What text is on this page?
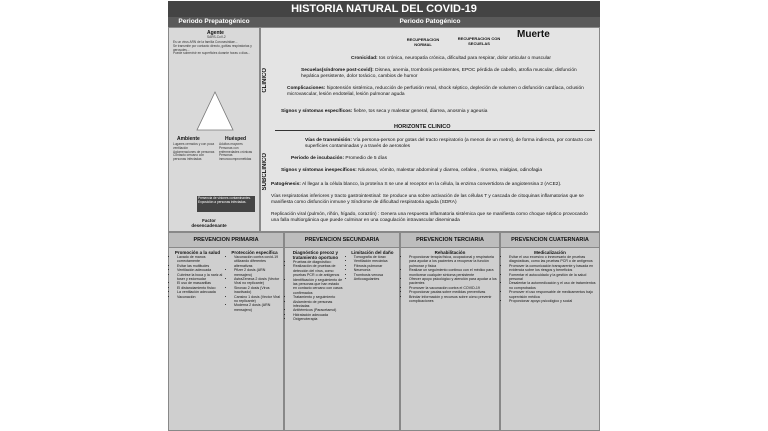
HISTORIA NATURAL DEL COVID-19
Periodo Prepatogénico	Periodo Patogénico
Agente
SARS-CoV-2
Es un virus ARN de la familia Coronaviridae...
Se transmite por contacto directo, gotitas respiratorias y aerosoles...
Puede sobrevivir en superficies durante horas o días...
Ambiente	Huésped
Lugares cerrados y con poca ventilación
Aglomeraciones de personas
Contacto cercano con personas infectadas
Adultos mayores
Personas con enfermedades crónicas
Personas inmunocomprometidas
Presencia de viriones contaminantes. Exposición a personas infectadas.
Factor desencadenante
RECUPERACION NORMAL
RECUPERACION CON SECUELAS
Muerte
CLINICO
SUBCLINICO
Cronicidad: tos crónica, neuropatía crónica, dificultad para respirar, dolor articular o muscular
Secuelas(síndrome post-covid): Disnea, anemia, trombosis persistentes, EPOC pérdida de cabello, atrofia muscular, disfunción hepática persistente, dolor torácico, cambios de humor
Complicaciones: hipotensión sistémica, reducción de perfusión renal, shock séptico, depleción de volumen o disfunción cardíaca, oclusión microvascular, lesión endotelial, lesión pulmonar aguda
Signos y síntomas específicos: fiebre, tos seca y malestar general, diarrea, anosmia y ageusia
HORIZONTE CLINICO
Vías de transmisión: Vía persona-person por gotas del tracto respiratorio (a menos de un metro), de forma indirecta, por contacto con superficies contaminadas y a través de aerosoles
Periodo de incubación: Promedio de 5 días
Signos y síntomas inespecíficos: Náuseas, vómito, malestar abdominal y diarrea, cefalea , rinorrea, mialgias, odinofagia
Patogénesis: Al llegar a la célula blanco, la proteína S se une al receptor en la célula, la enzima convertidora de angiotensina 2 (ACE2).
Vías respiratorias inferiores y tracto gastrointestinal: Se produce una sobre activación de las células T y cascada de citoquinas inflamatorias que se manifiesta como disfunción inmune y Síndrome de dificultad respiratoria aguda (SDRA)
Replicación viral (pulmón, riñón, hígado, corazón) : Genera una respuesta inflamatoria sistémica que se manifiesta como choque séptico provocando una falla multiorgánica que puede culminar en una coagulación intravascular diseminada
PREVENCION PRIMARIA
Promoción a la salud
• Lavado de manos correctamente
• Evitar las multitudes
• Ventilación adecuada
• Cubrirse la boca y la nariz al toser y estornudar
• El uso de mascarillas
• El distanciamiento físico
• La ventilación adecuada
• Vacunación
Protección específica
• Vacunación contra covid-19 utilizando diferentes alternativas
• Pfizer 2 dosis (ARN mensajero)
• AstraZeneca 2 dosis (Vector Viral no replicante)
• Sinovac 2 dosis (Virus inactivado)
• Cansino 1 dosis (Vector Viral no replicante)
• Moderna 2 dosis (ARN mensajero)
PREVENCION SECUNDARIA
Diagnóstico precoz y tratamiento oportuno
• Pruebas de diagnóstico:
• Realización de pruebas de detección del virus, como pruebas PCR o de antígenos
• Identificación y seguimiento de las personas que han estado en contacto cercano con casos confirmados
• Tratamiento y seguimiento
• Aislamiento de personas infectadas
• Antitérmicos (Paracetamol)
• Hidratación adecuada
• Oxigenoterapia
Limitación del daño
• Tomografía de tórax
• Ventilación mecánica
• Fibrosis pulmonar
• Neumonía
• Trombosis venosa
• Anticoagulantes
PREVENCION TERCIARIA
Rehabilitación
• Proporcionar terapia física, ocupacional y respiratoria para ayudar a los pacientes a recuperar la función pulmonar y física
• Realizar un seguimiento continuo con el médico para monitorear cualquier síntoma persistente
• Ofrecer apoyo psicológico y atención para ayudar a los pacientes
• Promover la vacunación contra el COVID-19
• Proporcionar pautas sobre medidas preventivas
• Brindar información y recursos sobre cómo prevenir complicaciones
PREVENCION CUATERNARIA
Medicalización
• Evitar el uso excesivo o innecesario de pruebas diagnósticas, como las pruebas PCR o de antígenos
• Promover la comunicación transparente y basada en evidencia sobre los riesgos y beneficios
• Fomentar el autocuidado y la gestión de la salud personal
• Desalentar la automedicación y el uso de tratamientos no comprobados
• Promover el uso responsable de medicamentos bajo supervisión médica
• Proporcionar apoyo psicológico y social
